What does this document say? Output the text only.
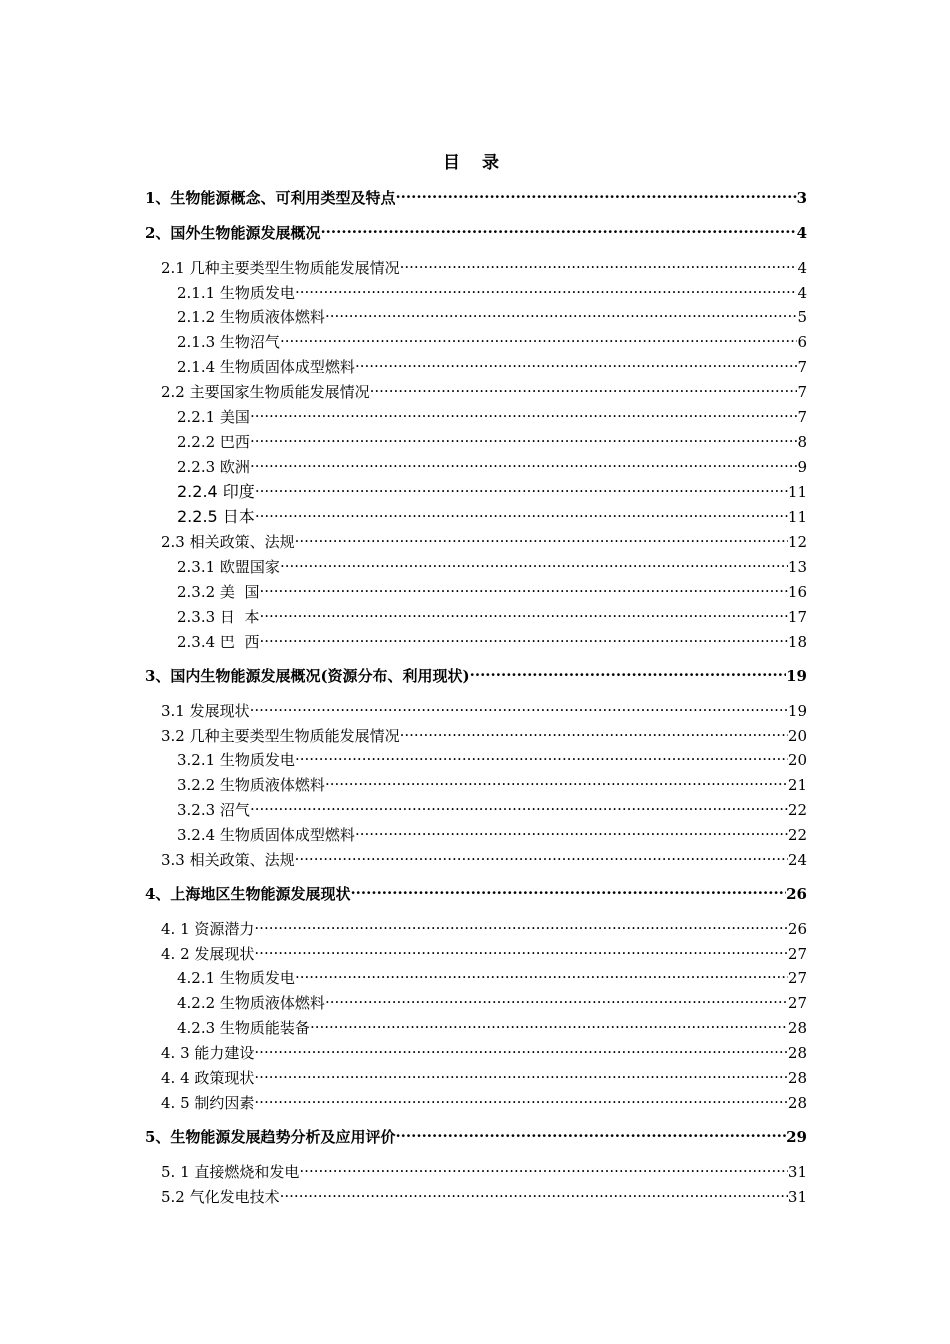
目 录
1、生物能源概念、可利用类型及特点 .....	3
2、国外生物能源发展概况 .....	4
2.1 几种主要类型生物质能发展情况 .....	4
2.1.1 生物质发电 .....	4
2.1.2 生物质液体燃料 .....	5
2.1.3 生物沼气 .....	6
2.1.4 生物质固体成型燃料 .....	7
2.2 主要国家生物质能发展情况 .....	7
2.2.1 美国 .....	7
2.2.2 巴西 .....	8
2.2.3 欧洲 .....	9
2.2.4 印度 .....	11
2.2.5 日本 .....	11
2.3 相关政策、法规 .....	12
2.3.1 欧盟国家 .....	13
2.3.2 美  国 .....	16
2.3.3 日  本 .....	17
2.3.4 巴  西 .....	18
3、国内生物能源发展概况(资源分布、利用现状) .....	19
3.1 发展现状 .....	19
3.2 几种主要类型生物质能发展情况 .....	20
3.2.1 生物质发电 .....	20
3.2.2 生物质液体燃料 .....	21
3.2.3 沼气 .....	22
3.2.4 生物质固体成型燃料 .....	22
3.3 相关政策、法规 .....	24
4、上海地区生物能源发展现状 .....	26
4. 1 资源潜力 .....	26
4. 2 发展现状 .....	27
4.2.1 生物质发电 .....	27
4.2.2 生物质液体燃料 .....	27
4.2.3 生物质能装备 .....	28
4. 3 能力建设 .....	28
4. 4 政策现状 .....	28
4. 5 制约因素 .....	28
5、生物能源发展趋势分析及应用评价 .....	29
5. 1 直接燃烧和发电 .....	31
5.2 气化发电技术 .....	31
